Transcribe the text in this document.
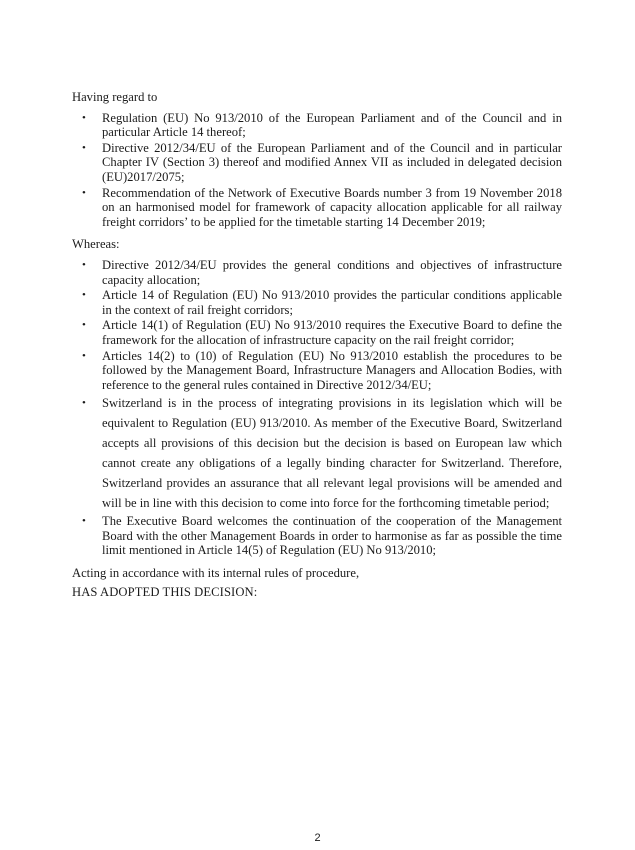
Having regard to

• Regulation (EU) No 913/2010 of the European Parliament and of the Council and in particular Article 14 thereof;
• Directive 2012/34/EU of the European Parliament and of the Council and in particular Chapter IV (Section 3) thereof and modified Annex VII as included in delegated decision (EU)2017/2075;
• Recommendation of the Network of Executive Boards number 3 from 19 November 2018 on an harmonised model for framework of capacity allocation applicable for all railway freight corridors’ to be applied for the timetable starting 14 December 2019;

Whereas:

• Directive 2012/34/EU provides the general conditions and objectives of infrastructure capacity allocation;
• Article 14 of Regulation (EU) No 913/2010 provides the particular conditions applicable in the context of rail freight corridors;
• Article 14(1) of Regulation (EU) No 913/2010 requires the Executive Board to define the framework for the allocation of infrastructure capacity on the rail freight corridor;
• Articles 14(2) to (10) of Regulation (EU) No 913/2010 establish the procedures to be followed by the Management Board, Infrastructure Managers and Allocation Bodies, with reference to the general rules contained in Directive 2012/34/EU;
• Switzerland is in the process of integrating provisions in its legislation which will be equivalent to Regulation (EU) 913/2010. As member of the Executive Board, Switzerland accepts all provisions of this decision but the decision is based on European law which cannot create any obligations of a legally binding character for Switzerland. Therefore, Switzerland provides an assurance that all relevant legal provisions will be amended and will be in line with this decision to come into force for the forthcoming timetable period;
• The Executive Board welcomes the continuation of the cooperation of the Management Board with the other Management Boards in order to harmonise as far as possible the time limit mentioned in Article 14(5) of Regulation (EU) No 913/2010;

Acting in accordance with its internal rules of procedure,

HAS ADOPTED THIS DECISION:

2
